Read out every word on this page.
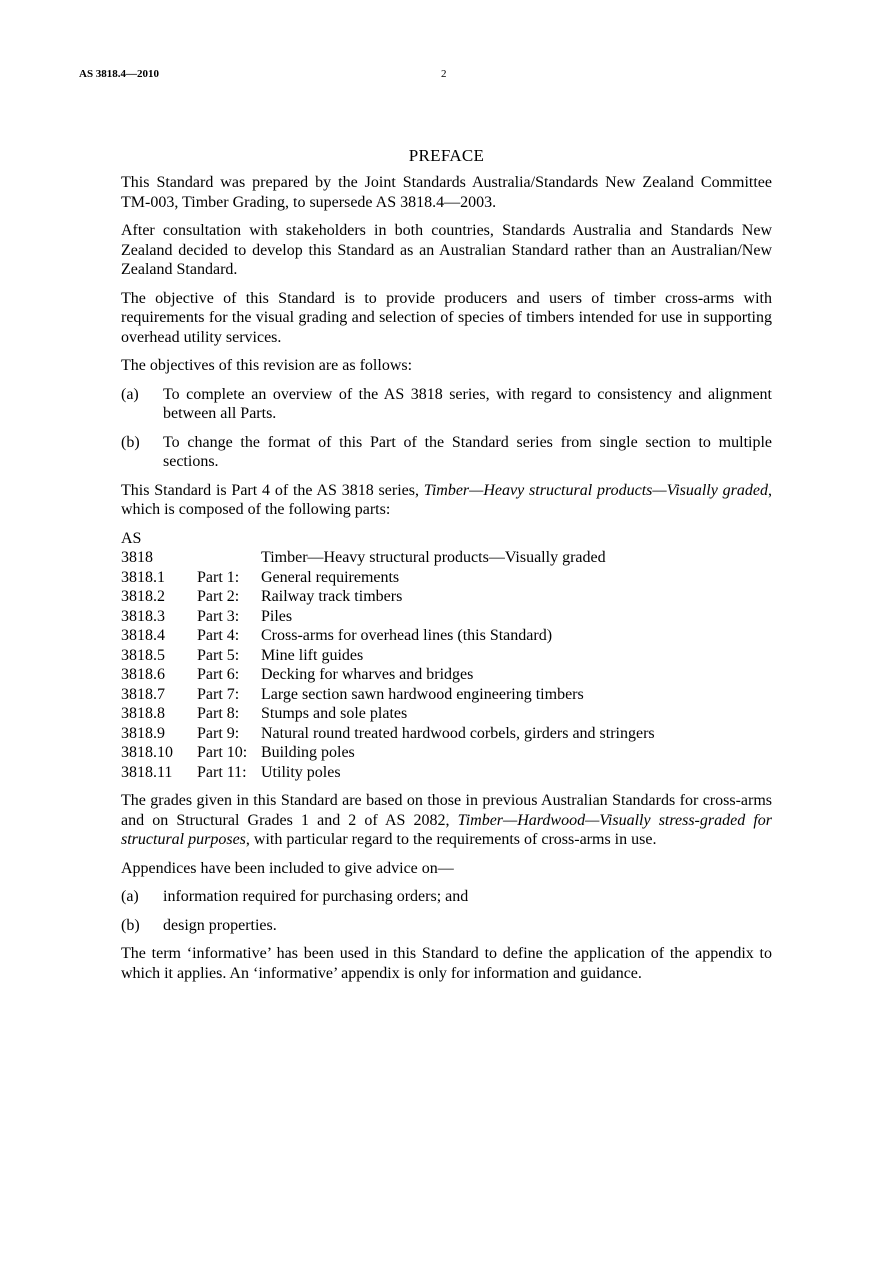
AS 3818.4—2010	2
PREFACE

This Standard was prepared by the Joint Standards Australia/Standards New Zealand Committee TM-003, Timber Grading, to supersede AS 3818.4—2003.

After consultation with stakeholders in both countries, Standards Australia and Standards New Zealand decided to develop this Standard as an Australian Standard rather than an Australian/New Zealand Standard.

The objective of this Standard is to provide producers and users of timber cross-arms with requirements for the visual grading and selection of species of timbers intended for use in supporting overhead utility services.

The objectives of this revision are as follows:

(a) To complete an overview of the AS 3818 series, with regard to consistency and alignment between all Parts.
(b) To change the format of this Part of the Standard series from single section to multiple sections.

This Standard is Part 4 of the AS 3818 series, Timber—Heavy structural products—Visually graded, which is composed of the following parts:

AS
3818	Timber—Heavy structural products—Visually graded
3818.1	Part 1:	General requirements
3818.2	Part 2:	Railway track timbers
3818.3	Part 3:	Piles
3818.4	Part 4:	Cross-arms for overhead lines (this Standard)
3818.5	Part 5:	Mine lift guides
3818.6	Part 6:	Decking for wharves and bridges
3818.7	Part 7:	Large section sawn hardwood engineering timbers
3818.8	Part 8:	Stumps and sole plates
3818.9	Part 9:	Natural round treated hardwood corbels, girders and stringers
3818.10	Part 10: Building poles
3818.11	Part 11: Utility poles

The grades given in this Standard are based on those in previous Australian Standards for cross-arms and on Structural Grades 1 and 2 of AS 2082, Timber—Hardwood—Visually stress-graded for structural purposes, with particular regard to the requirements of cross-arms in use.

Appendices have been included to give advice on—

(a) information required for purchasing orders; and
(b) design properties.

The term ‘informative’ has been used in this Standard to define the application of the appendix to which it applies. An ‘informative’ appendix is only for information and guidance.
